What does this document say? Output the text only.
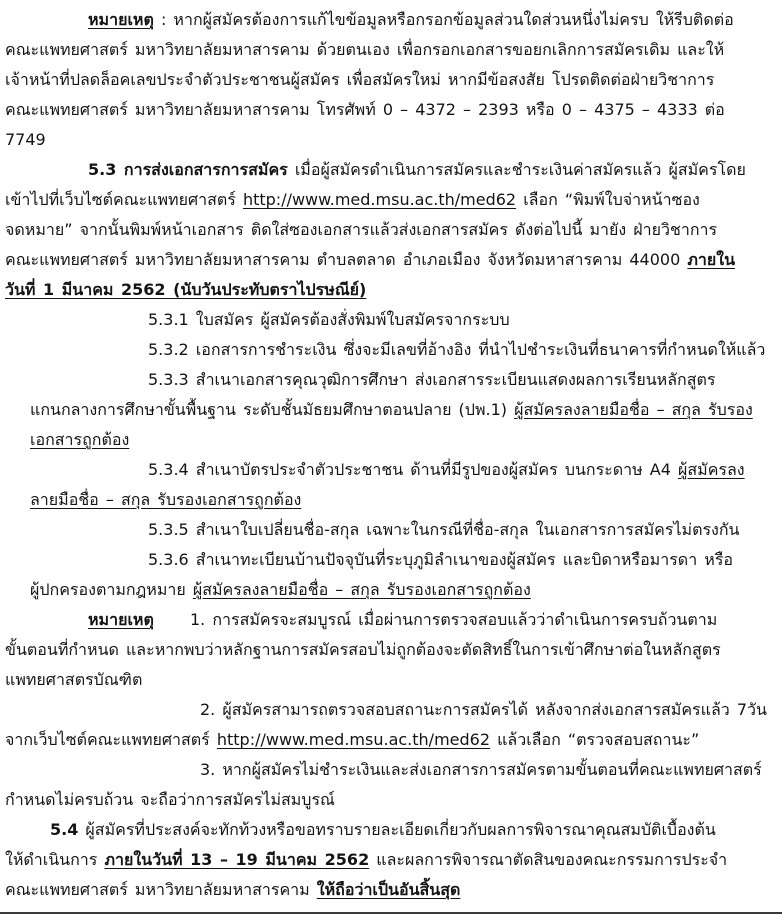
หมายเหตุ : หากผู้สมัครต้องการแก้ไขข้อมูลหรือกรอกข้อมูลส่วนใดส่วนหนึ่งไม่ครบ ให้รีบติดต่อ
คณะแพทยศาสตร์ มหาวิทยาลัยมหาสารคาม ด้วยตนเอง เพื่อกรอกเอกสารขอยกเลิกการสมัครเดิม และให้
เจ้าหน้าที่ปลดล็อคเลขประจำตัวประชาชนผู้สมัคร เพื่อสมัครใหม่ หากมีข้อสงสัย โปรดติดต่อฝ่ายวิชาการ
คณะแพทยศาสตร์ มหาวิทยาลัยมหาสารคาม โทรศัพท์ 0 – 4372 – 2393 หรือ 0 – 4375 – 4333 ต่อ
7749
5.3 การส่งเอกสารการสมัคร เมื่อผู้สมัครดำเนินการสมัครและชำระเงินค่าสมัครแล้ว ผู้สมัครโดย
เข้าไปที่เว็บไซต์คณะแพทยศาสตร์ http://www.med.msu.ac.th/med62 เลือก “พิมพ์ใบจ่าหน้าซอง
จดหมาย” จากนั้นพิมพ์หน้าเอกสาร ติดใส่ซองเอกสารแล้วส่งเอกสารสมัคร ดังต่อไปนี้ มายัง ฝ่ายวิชาการ
คณะแพทยศาสตร์ มหาวิทยาลัยมหาสารคาม ตำบลตลาด อำเภอเมือง จังหวัดมหาสารคาม 44000 ภายใน
วันที่ 1 มีนาคม 2562 (นับวันประทับตราไปรษณีย์)
5.3.1 ใบสมัคร ผู้สมัครต้องสั่งพิมพ์ใบสมัครจากระบบ
5.3.2 เอกสารการชำระเงิน ซึ่งจะมีเลขที่อ้างอิง ที่นำไปชำระเงินที่ธนาคารที่กำหนดให้แล้ว
5.3.3 สำเนาเอกสารคุณวุฒิการศึกษา ส่งเอกสารระเบียนแสดงผลการเรียนหลักสูตร
แกนกลางการศึกษาขั้นพื้นฐาน ระดับชั้นมัธยมศึกษาตอนปลาย (ปพ.1) ผู้สมัครลงลายมือชื่อ – สกุล รับรอง
เอกสารถูกต้อง
5.3.4 สำเนาบัตรประจำตัวประชาชน ด้านที่มีรูปของผู้สมัคร บนกระดาษ A4 ผู้สมัครลง
ลายมือชื่อ – สกุล รับรองเอกสารถูกต้อง
5.3.5 สำเนาใบเปลี่ยนชื่อ-สกุล เฉพาะในกรณีที่ชื่อ-สกุล ในเอกสารการสมัครไม่ตรงกัน
5.3.6 สำเนาทะเบียนบ้านปัจจุบันที่ระบุภูมิลำเนาของผู้สมัคร และบิดาหรือมารดา หรือ
ผู้ปกครองตามกฎหมาย ผู้สมัครลงลายมือชื่อ – สกุล รับรองเอกสารถูกต้อง
หมายเหตุ 1. การสมัครจะสมบูรณ์ เมื่อผ่านการตรวจสอบแล้วว่าดำเนินการครบถ้วนตาม
ขั้นตอนที่กำหนด และหากพบว่าหลักฐานการสมัครสอบไม่ถูกต้องจะตัดสิทธิ์ในการเข้าศึกษาต่อในหลักสูตร
แพทยศาสตรบัณฑิต
2. ผู้สมัครสามารถตรวจสอบสถานะการสมัครได้ หลังจากส่งเอกสารสมัครแล้ว 7วัน
จากเว็บไซต์คณะแพทยศาสตร์ http://www.med.msu.ac.th/med62 แล้วเลือก “ตรวจสอบสถานะ”
3. หากผู้สมัครไม่ชำระเงินและส่งเอกสารการสมัครตามขั้นตอนที่คณะแพทยศาสตร์
กำหนดไม่ครบถ้วน จะถือว่าการสมัครไม่สมบูรณ์
5.4 ผู้สมัครที่ประสงค์จะทักท้วงหรือขอทราบรายละเอียดเกี่ยวกับผลการพิจารณาคุณสมบัติเบื้องต้น
ให้ดำเนินการ ภายในวันที่ 13 – 19 มีนาคม 2562 และผลการพิจารณาตัดสินของคณะกรรมการประจำ
คณะแพทยศาสตร์ มหาวิทยาลัยมหาสารคาม ให้ถือว่าเป็นอันสิ้นสุด
